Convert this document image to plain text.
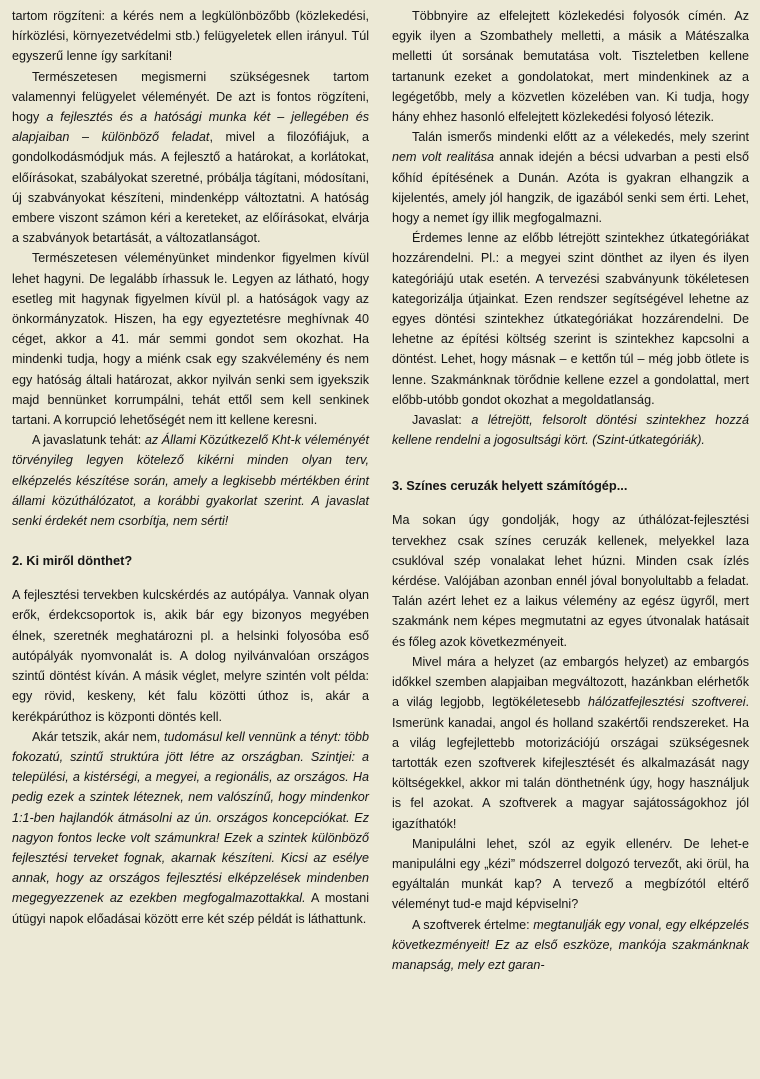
tartom rögzíteni: a kérés nem a legkülönbözőbb (közlekedési, hírközlési, környezetvédelmi stb.) felügyeletek ellen irányul. Túl egyszerű lenne így sarkítani!

Természetesen megismerni szükségesnek tartom valamennyi felügyelet véleményét. De azt is fontos rögzíteni, hogy a fejlesztés és a hatósági munka két – jellegében és alapjaiban – különböző feladat, mivel a filozófiájuk, a gondolkodásmódjuk más. A fejlesztő a határokat, a korlátokat, előírásokat, szabályokat szeretné, próbálja tágítani, módosítani, új szabványokat készíteni, mindenképp változtatni. A hatóság embere viszont számon kéri a kereteket, az előírásokat, elvárja a szabványok betartását, a változatlanságot.

Természetesen véleményünket mindenkor figyelmen kívül lehet hagyni. De legalább írhassuk le. Legyen az látható, hogy esetleg mit hagynak figyelmen kívül pl. a hatóságok vagy az önkormányzatok. Hiszen, ha egy egyeztetésre meghívnak 40 céget, akkor a 41. már semmi gondot sem okozhat. Ha mindenki tudja, hogy a miénk csak egy szakvélemény és nem egy hatóság általi határozat, akkor nyilván senki sem igyekszik majd bennünket korrumpálni, tehát ettől sem kell senkinek tartani. A korrupció lehetőségét nem itt kellene keresni.

A javaslatunk tehát: az Állami Közútkezelő Kht-k véleményét törvényileg legyen kötelező kikérni minden olyan terv, elképzelés készítése során, amely a legkisebb mértékben érint állami közúthálózatot, a korábbi gyakorlat szerint. A javaslat senki érdekét nem csorbítja, nem sérti!

2. Ki miről dönthet?

A fejlesztési tervekben kulcskérdés az autópálya. Vannak olyan erők, érdekcsoportok is, akik bár egy bizonyos megyében élnek, szeretnék meghatározni pl. a helsinki folyosóba eső autópályák nyomvonalát is. A dolog nyilvánvalóan országos szintű döntést kíván. A másik véglet, melyre szintén volt példa: egy rövid, keskeny, két falu közötti úthoz is, akár a kerékpárúthoz is központi döntés kell.

Akár tetszik, akár nem, tudomásul kell vennünk a tényt: több fokozatú, szintű struktúra jött létre az országban. Szintjei: a települési, a kistérségi, a megyei, a regionális, az országos. Ha pedig ezek a szintek léteznek, nem valószínű, hogy mindenkor 1:1-ben hajlandók átmásolni az ún. országos koncepciókat. Ez nagyon fontos lecke volt számunkra! Ezek a szintek különböző fejlesztési terveket fognak, akarnak készíteni. Kicsi az esélye annak, hogy az országos fejlesztési elképzelések mindenben megegyezzenek az ezekben megfogalmazottakkal. A mostani útügyi napok előadásai között erre két szép példát is láthattunk.

Többnyire az elfelejtett közlekedési folyosók címén. Az egyik ilyen a Szombathely melletti, a másik a Mátészalka melletti út sorsának bemutatása volt. Tiszteletben kellene tartanunk ezeket a gondolatokat, mert mindenkinek az a legégetőbb, mely a közvetlen közelében van. Ki tudja, hogy hány ehhez hasonló elfelejtett közlekedési folyosó létezik.

Talán ismerős mindenki előtt az a vélekedés, mely szerint nem volt realitása annak idején a bécsi udvarban a pesti első kőhíd építésének a Dunán. Azóta is gyakran elhangzik a kijelentés, amely jól hangzik, de igazából senki sem érti. Lehet, hogy a nemet így illik megfogalmazni.

Érdemes lenne az előbb létrejött szintekhez útkategóriákat hozzárendelni. Pl.: a megyei szint dönthet az ilyen és ilyen kategóriájú utak esetén. A tervezési szabványunk tökéletesen kategorizálja útjainkat. Ezen rendszer segítségével lehetne az egyes döntési szintekhez útkategóriákat hozzárendelni. De lehetne az építési költség szerint is szintekhez kapcsolni a döntést. Lehet, hogy másnak – e kettőn túl – még jobb ötlete is lenne. Szakmánknak törődnie kellene ezzel a gondolattal, mert előbb-utóbb gondot okozhat a megoldatlanság.

Javaslat: a létrejött, felsorolt döntési szintekhez hozzá kellene rendelni a jogosultsági kört. (Szint-útkategóriák).

3. Színes ceruzák helyett számítógép...

Ma sokan úgy gondolják, hogy az úthálózat-fejlesztési tervekhez csak színes ceruzák kellenek, melyekkel laza csuklóval szép vonalakat lehet húzni. Minden csak ízlés kérdése. Valójában azonban ennél jóval bonyolultabb a feladat. Talán azért lehet ez a laikus vélemény az egész ügyről, mert szakmánk nem képes megmutatni az egyes útvonalak hatásait és főleg azok következményeit.

Mivel mára a helyzet (az embargós helyzet) az embargós időkkel szemben alapjaiban megváltozott, hazánkban elérhetők a világ legjobb, legtökéletesebb hálózatfejlesztési szoftverei. Ismerünk kanadai, angol és holland szakértői rendszereket. Ha a világ legfejlettebb motorizációjú országai szükségesnek tartották ezen szoftverek kifejlesztését és alkalmazását nagy költségekkel, akkor mi talán dönthetnénk úgy, hogy használjuk is fel azokat. A szoftverek a magyar sajátosságokhoz jól igazíthatók!

Manipulálni lehet, szól az egyik ellenérv. De lehet-e manipulálni egy „kézi” módszerrel dolgozó tervezőt, aki örül, ha egyáltalán munkát kap? A tervező a megbízótól eltérő véleményt tud-e majd képviselni?

A szoftverek értelme: megtanulják egy vonal, egy elképzelés következményeit! Ez az első eszköze, mankója szakmánknak manapság, mely ezt garan-
